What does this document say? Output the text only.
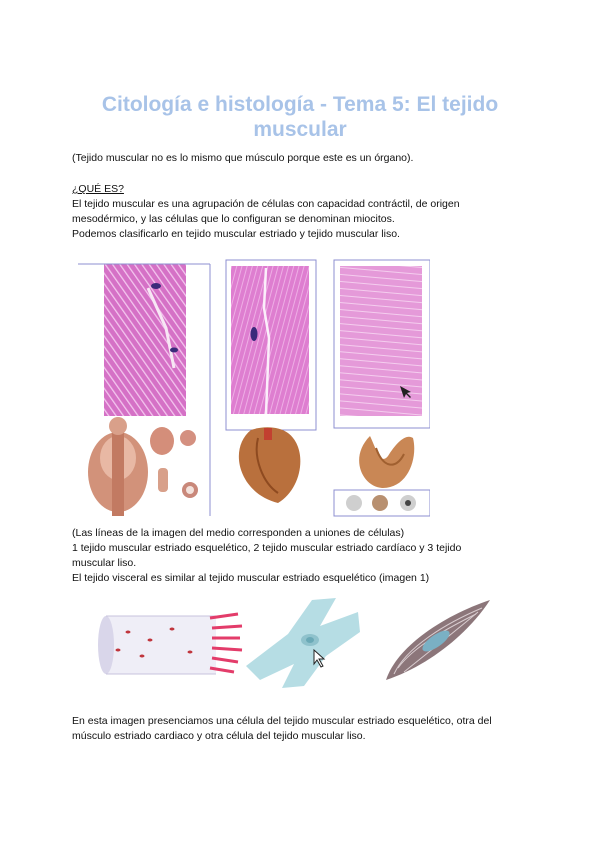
Citología e histología - Tema 5: El tejido
muscular

(Tejido muscular no es lo mismo que músculo porque este es un órgano).

¿QUÉ ES?

El tejido muscular es una agrupación de células con capacidad contráctil, de origen

mesodérmico, y las células que lo configuran se denominan miocitos.

Podemos clasificarlo en tejido muscular estriado y tejido muscular liso.

(Las líneas de la imagen del medio corresponden a uniones de células)

1 tejido muscular estriado esquelético, 2 tejido muscular estriado cardíaco y 3 tejido

muscular liso.

El tejido visceral es similar al tejido muscular estriado esquelético (imagen 1)

En esta imagen presenciamos una célula del tejido muscular estriado esquelético, otra del

músculo estriado cardiaco y otra célula del tejido muscular liso.
